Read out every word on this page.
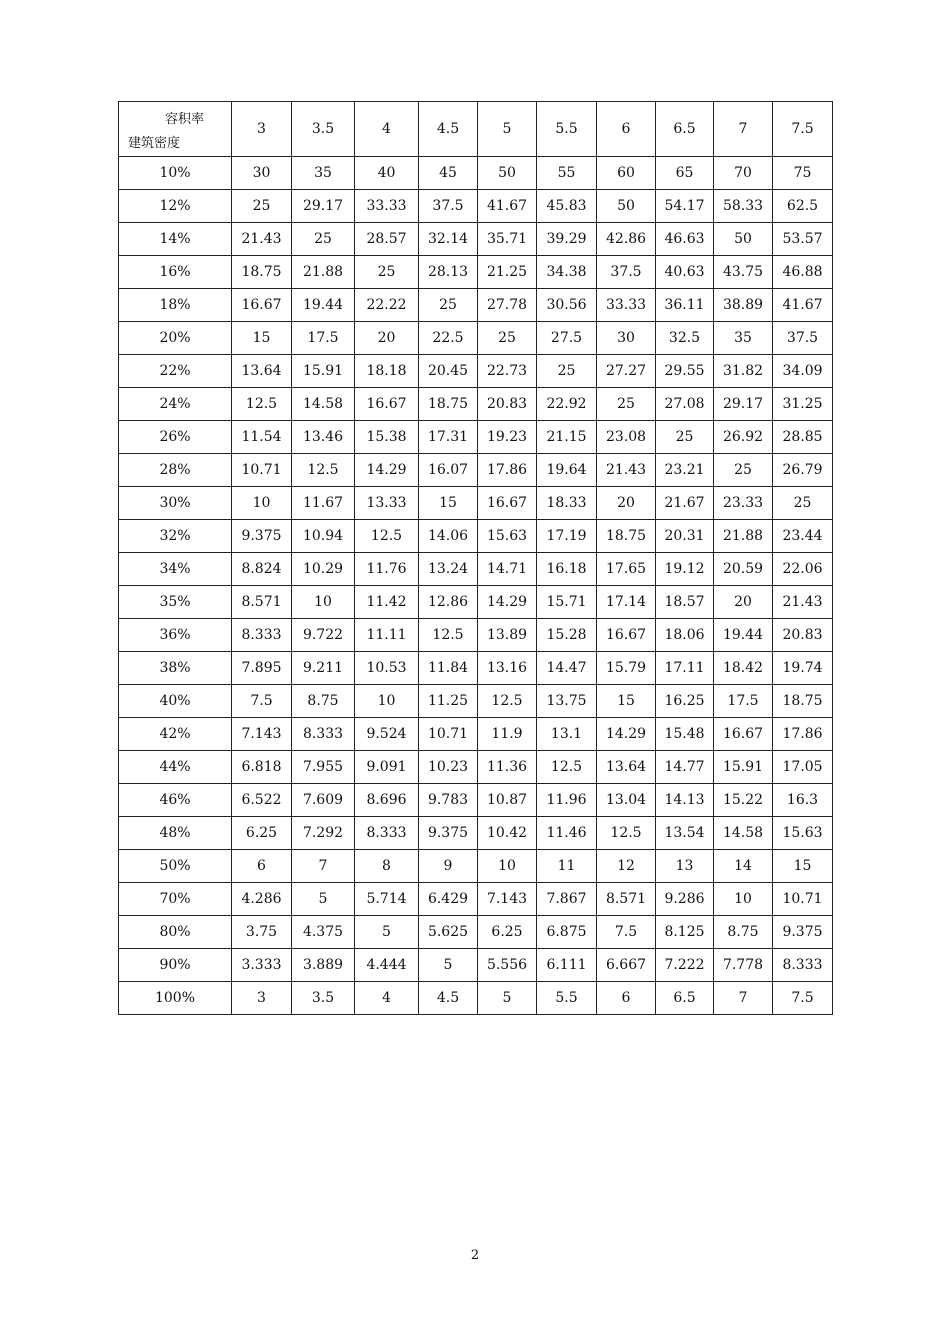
容积率
建筑密度	3	3.5	4	4.5	5	5.5	6	6.5	7	7.5
10%	30	35	40	45	50	55	60	65	70	75
12%	25	29.17	33.33	37.5	41.67	45.83	50	54.17	58.33	62.5
14%	21.43	25	28.57	32.14	35.71	39.29	42.86	46.63	50	53.57
16%	18.75	21.88	25	28.13	21.25	34.38	37.5	40.63	43.75	46.88
18%	16.67	19.44	22.22	25	27.78	30.56	33.33	36.11	38.89	41.67
20%	15	17.5	20	22.5	25	27.5	30	32.5	35	37.5
22%	13.64	15.91	18.18	20.45	22.73	25	27.27	29.55	31.82	34.09
24%	12.5	14.58	16.67	18.75	20.83	22.92	25	27.08	29.17	31.25
26%	11.54	13.46	15.38	17.31	19.23	21.15	23.08	25	26.92	28.85
28%	10.71	12.5	14.29	16.07	17.86	19.64	21.43	23.21	25	26.79
30%	10	11.67	13.33	15	16.67	18.33	20	21.67	23.33	25
32%	9.375	10.94	12.5	14.06	15.63	17.19	18.75	20.31	21.88	23.44
34%	8.824	10.29	11.76	13.24	14.71	16.18	17.65	19.12	20.59	22.06
35%	8.571	10	11.42	12.86	14.29	15.71	17.14	18.57	20	21.43
36%	8.333	9.722	11.11	12.5	13.89	15.28	16.67	18.06	19.44	20.83
38%	7.895	9.211	10.53	11.84	13.16	14.47	15.79	17.11	18.42	19.74
40%	7.5	8.75	10	11.25	12.5	13.75	15	16.25	17.5	18.75
42%	7.143	8.333	9.524	10.71	11.9	13.1	14.29	15.48	16.67	17.86
44%	6.818	7.955	9.091	10.23	11.36	12.5	13.64	14.77	15.91	17.05
46%	6.522	7.609	8.696	9.783	10.87	11.96	13.04	14.13	15.22	16.3
48%	6.25	7.292	8.333	9.375	10.42	11.46	12.5	13.54	14.58	15.63
50%	6	7	8	9	10	11	12	13	14	15
70%	4.286	5	5.714	6.429	7.143	7.867	8.571	9.286	10	10.71
80%	3.75	4.375	5	5.625	6.25	6.875	7.5	8.125	8.75	9.375
90%	3.333	3.889	4.444	5	5.556	6.111	6.667	7.222	7.778	8.333
100%	3	3.5	4	4.5	5	5.5	6	6.5	7	7.5
2
